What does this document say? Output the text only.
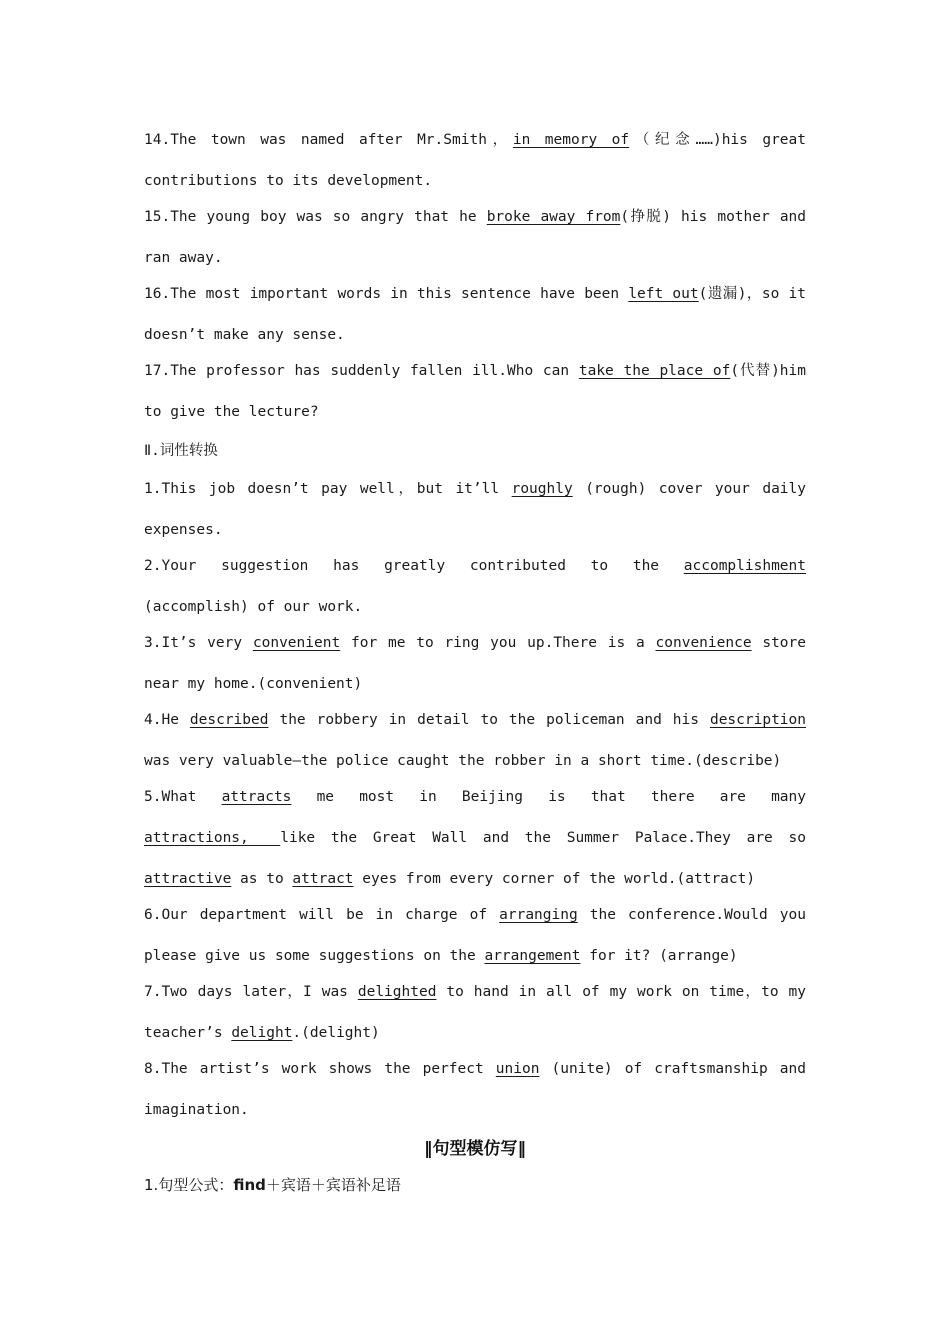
14.The town was named after Mr.Smith，in memory of（纪念……)his great contributions to its development.

15.The young boy was so angry that he broke away from(挣脱) his mother and ran away.

16.The most important words in this sentence have been left out(遗漏)，so it doesn’t make any sense.

17.The professor has suddenly fallen ill.Who can take the place of(代替)him to give the lecture?

Ⅱ.词性转换

1.This job doesn’t pay well，but it’ll roughly (rough) cover your daily expenses.

2.Your suggestion has greatly contributed to the accomplishment (accomplish) of our work.

3.It’s very convenient for me to ring you up.There is a convenience store near my home.(convenient)

4.He described the robbery in detail to the policeman and his description was very valuable—the police caught the robber in a short time.(describe)

5.What attracts me most in Beijing is that there are many attractions,  like the Great Wall and the Summer Palace.They are so attractive as to attract eyes from every corner of the world.(attract)

6.Our department will be in charge of arranging the conference.Would you please give us some suggestions on the arrangement for it? (arrange)

7.Two days later，I was delighted to hand in all of my work on time，to my teacher’s delight.(delight)

8.The artist’s work shows the perfect union (unite) of craftsmanship and imagination.

‖句型模仿写‖

1.句型公式：find＋宾语＋宾语补足语
